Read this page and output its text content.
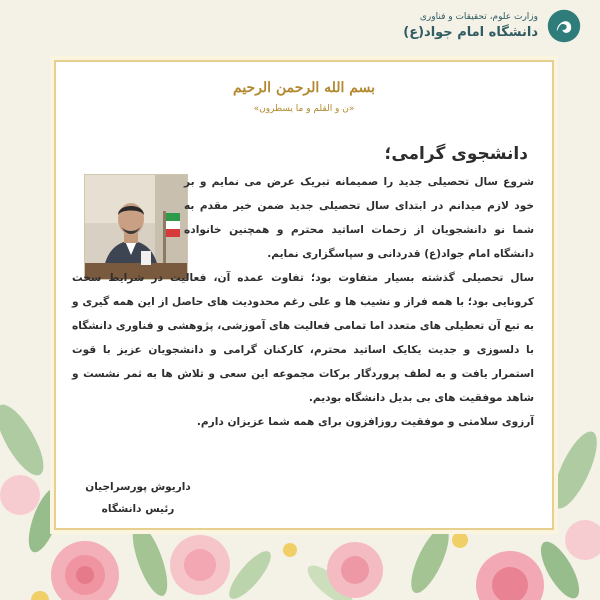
وزارت علوم، تحقیقات و فناوری
دانشگاه امام جواد(ع)
بسم الله الرحمن الرحيم
«ن و القلم و ما يسطرون»
دانشجوی گرامی؛

شروع سال تحصیلی جدید را صمیمانه تبریک عرض می نمایم و بر خود لازم میدانم در ابتدای سال تحصیلی جدید ضمن خیر مقدم به شما نو دانشجویان از زحمات اساتید محترم و همچنین خانواده دانشگاه امام جواد(ع) قدردانی و سپاسگزاری نمایم.

سال تحصیلی گذشته بسیار متفاوت بود؛ تفاوت عمده آن، فعالیت در شرایط سخت کرونایی بود؛ با همه فراز و نشیب ها و علی رغم محدودیت های حاصل از این همه گیری و به تبع آن تعطیلی های متعدد اما تمامی فعالیت های آموزشی، پژوهشی و فناوری دانشگاه با دلسوزی و جدیت یکایک اساتید محترم، کارکنان گرامی و دانشجویان عزیز با قوت استمرار یافت و به لطف پروردگار برکات مجموعه این سعی و تلاش ها به ثمر نشست و شاهد موفقیت های بی بدیل دانشگاه بودیم.

آرزوی سلامتی و موفقیت روزافزون برای همه شما عزیزان دارم.

داریوش پورسراجیان
رئیس دانشگاه
